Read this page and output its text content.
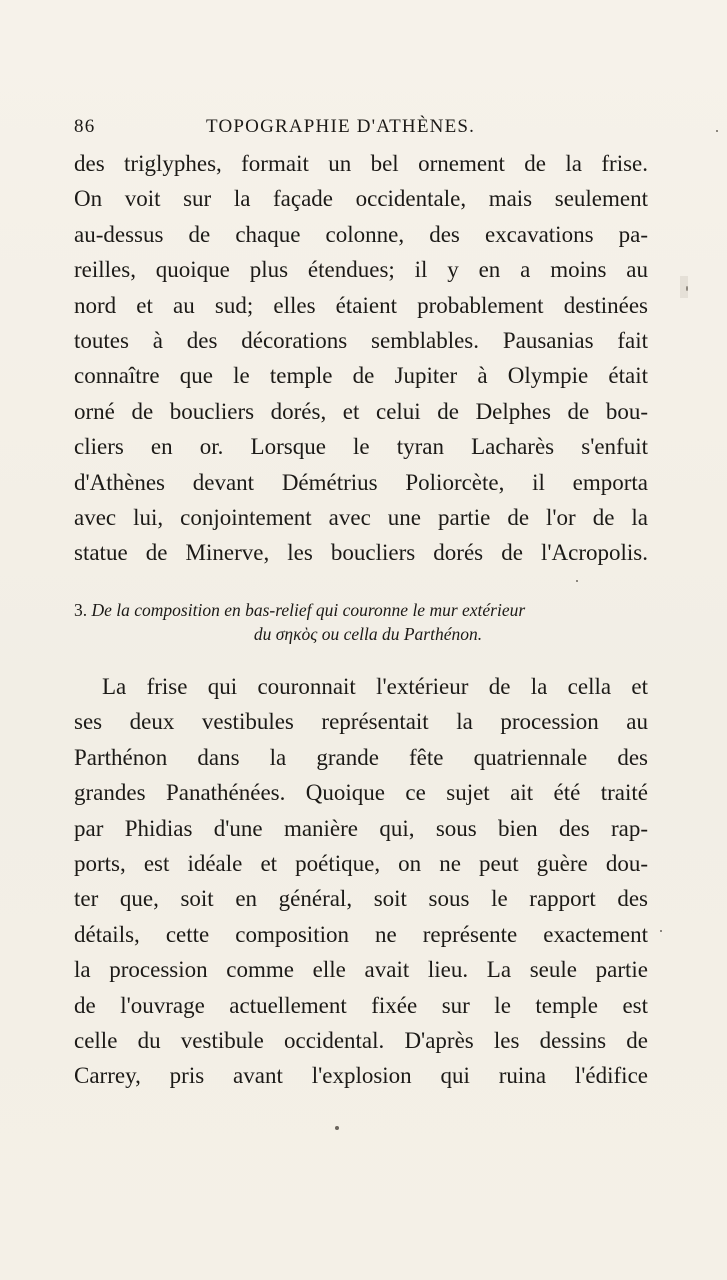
86	TOPOGRAPHIE D'ATHÈNES.
des triglyphes, formait un bel ornement de la frise.
On voit sur la façade occidentale, mais seulement
au-dessus de chaque colonne, des excavations pa-
reilles, quoique plus étendues; il y en a moins au
nord et au sud; elles étaient probablement destinées
toutes à des décorations semblables. Pausanias fait
connaître que le temple de Jupiter à Olympie était
orné de boucliers dorés, et celui de Delphes de bou-
cliers en or. Lorsque le tyran Lacharès s'enfuit
d'Athènes devant Démétrius Poliorcète, il emporta
avec lui, conjointement avec une partie de l'or de la
statue de Minerve, les boucliers dorés de l'Acropolis.
3. De la composition en bas-relief qui couronne le mur extérieur
du σηκὸς ou cella du Parthénon.
La frise qui couronnait l'extérieur de la cella et
ses deux vestibules représentait la procession au
Parthénon dans la grande fête quatriennale des
grandes Panathénées. Quoique ce sujet ait été traité
par Phidias d'une manière qui, sous bien des rap-
ports, est idéale et poétique, on ne peut guère dou-
ter que, soit en général, soit sous le rapport des
détails, cette composition ne représente exactement
la procession comme elle avait lieu. La seule partie
de l'ouvrage actuellement fixée sur le temple est
celle du vestibule occidental. D'après les dessins de
Carrey, pris avant l'explosion qui ruina l'édifice
